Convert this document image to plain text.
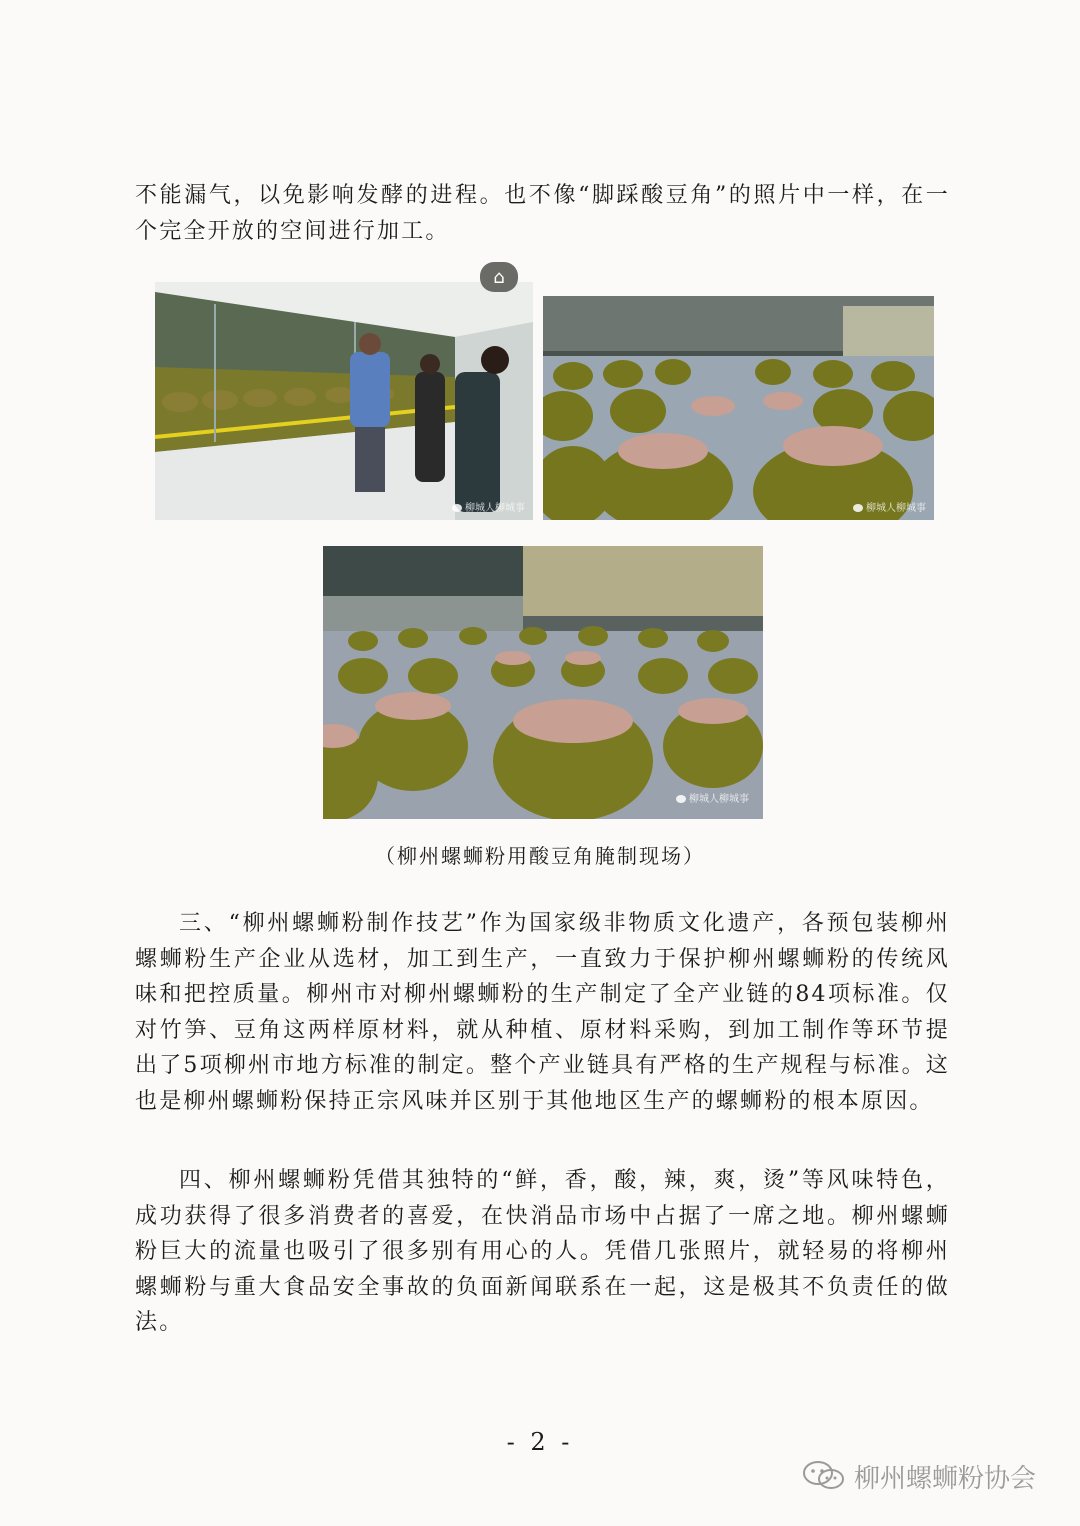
不能漏气，以免影响发酵的进程。也不像“脚踩酸豆角”的照片中一样，在一个完全开放的空间进行加工。

柳城人柳城事
⌂
柳城人柳城事
柳城人柳城事
（柳州螺蛳粉用酸豆角腌制现场）

三、“柳州螺蛳粉制作技艺”作为国家级非物质文化遗产，各预包装柳州螺蛳粉生产企业从选材，加工到生产，一直致力于保护柳州螺蛳粉的传统风味和把控质量。柳州市对柳州螺蛳粉的生产制定了全产业链的84项标准。仅对竹笋、豆角这两样原材料，就从种植、原材料采购，到加工制作等环节提出了5项柳州市地方标准的制定。整个产业链具有严格的生产规程与标准。这也是柳州螺蛳粉保持正宗风味并区别于其他地区生产的螺蛳粉的根本原因。

四、柳州螺蛳粉凭借其独特的“鲜，香，酸，辣，爽，烫”等风味特色，成功获得了很多消费者的喜爱，在快消品市场中占据了一席之地。柳州螺蛳粉巨大的流量也吸引了很多别有用心的人。凭借几张照片，就轻易的将柳州螺蛳粉与重大食品安全事故的负面新闻联系在一起，这是极其不负责任的做法。

- 2 -
柳州螺蛳粉协会
